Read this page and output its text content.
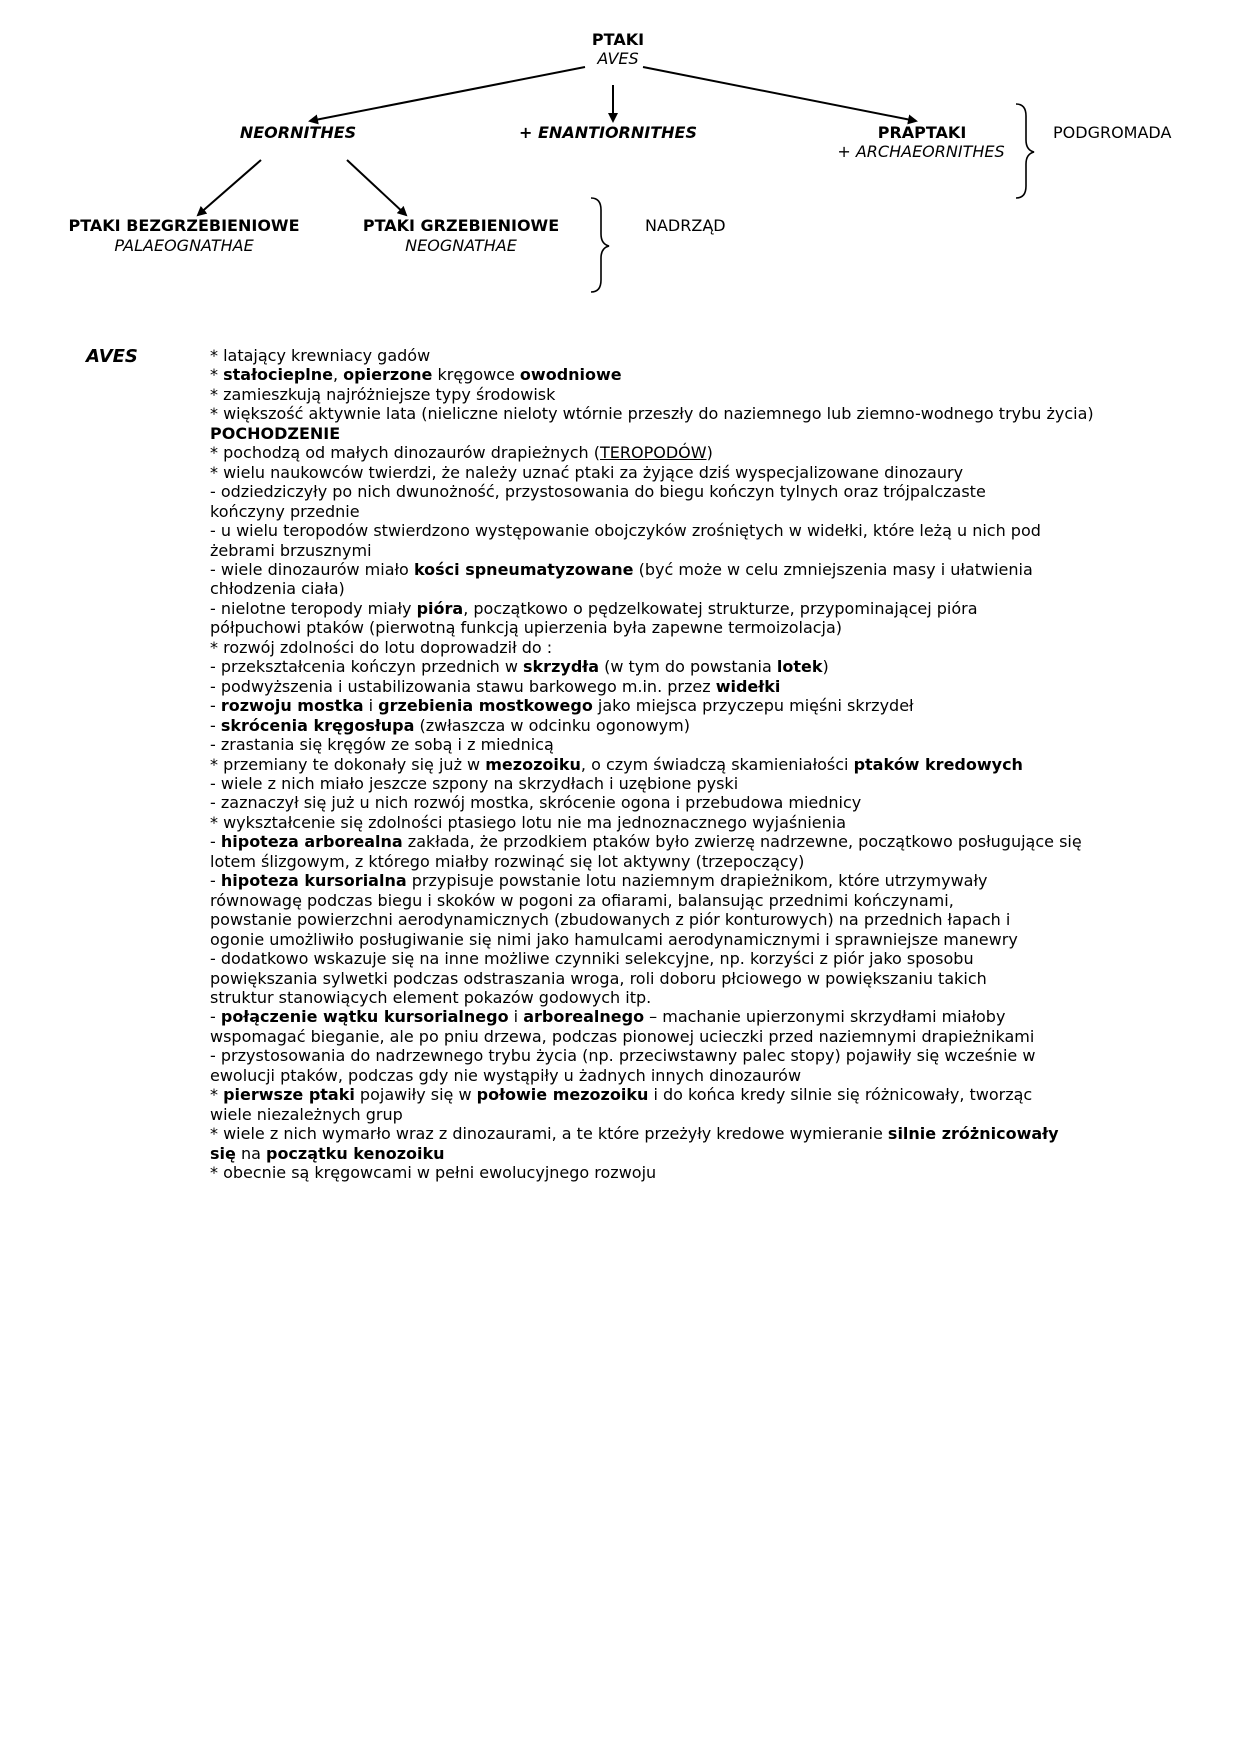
PTAKI
AVES
NEORNITHES	+ ENANTIORNITHES	PRAPTAKI
+ ARCHAEORNITHES
PODGROMADA
PTAKI BEZGRZEBIENIOWE
PALAEOGNATHAE
PTAKI GRZEBIENIOWE
NEOGNATHAE
NADRZĄD
AVES	* latający krewniacy gadów
* stałocieplne, opierzone kręgowce owodniowe
* zamieszkują najróżniejsze typy środowisk
* większość aktywnie lata (nieliczne nieloty wtórnie przeszły do naziemnego lub ziemno-wodnego trybu życia)
POCHODZENIE
* pochodzą od małych dinozaurów drapieżnych (TEROPODÓW)
* wielu naukowców twierdzi, że należy uznać ptaki za żyjące dziś wyspecjalizowane dinozaury
- odziedziczyły po nich dwunożność, przystosowania do biegu kończyn tylnych oraz trójpalczaste
kończyny przednie
- u wielu teropodów stwierdzono występowanie obojczyków zrośniętych w widełki, które leżą u nich pod
żebrami brzusznymi
- wiele dinozaurów miało kości spneumatyzowane (być może w celu zmniejszenia masy i ułatwienia
chłodzenia ciała)
- nielotne teropody miały pióra, początkowo o pędzelkowatej strukturze, przypominającej pióra
półpuchowi ptaków (pierwotną funkcją upierzenia była zapewne termoizolacja)
* rozwój zdolności do lotu doprowadził do :
- przekształcenia kończyn przednich w skrzydła (w tym do powstania lotek)
- podwyższenia i ustabilizowania stawu barkowego m.in. przez widełki
- rozwoju mostka i grzebienia mostkowego jako miejsca przyczepu mięśni skrzydeł
- skrócenia kręgosłupa (zwłaszcza w odcinku ogonowym)
- zrastania się kręgów ze sobą i z miednicą
* przemiany te dokonały się już w mezozoiku, o czym świadczą skamieniałości ptaków kredowych
- wiele z nich miało jeszcze szpony na skrzydłach i uzębione pyski
- zaznaczył się już u nich rozwój mostka, skrócenie ogona i przebudowa miednicy
* wykształcenie się zdolności ptasiego lotu nie ma jednoznacznego wyjaśnienia
- hipoteza arborealna zakłada, że przodkiem ptaków było zwierzę nadrzewne, początkowo posługujące się
lotem ślizgowym, z którego miałby rozwinąć się lot aktywny (trzepoczący)
- hipoteza kursorialna przypisuje powstanie lotu naziemnym drapieżnikom, które utrzymywały
równowagę podczas biegu i skoków w pogoni za ofiarami, balansując przednimi kończynami,
powstanie powierzchni aerodynamicznych (zbudowanych z piór konturowych) na przednich łapach i
ogonie umożliwiło posługiwanie się nimi jako hamulcami aerodynamicznymi i sprawniejsze manewry
- dodatkowo wskazuje się na inne możliwe czynniki selekcyjne, np. korzyści z piór jako sposobu
powiększania sylwetki podczas odstraszania wroga, roli doboru płciowego w powiększaniu takich
struktur stanowiących element pokazów godowych itp.
- połączenie wątku kursorialnego i arborealnego – machanie upierzonymi skrzydłami miałoby
wspomagać bieganie, ale po pniu drzewa, podczas pionowej ucieczki przed naziemnymi drapieżnikami
- przystosowania do nadrzewnego trybu życia (np. przeciwstawny palec stopy) pojawiły się wcześnie w
ewolucji ptaków, podczas gdy nie wystąpiły u żadnych innych dinozaurów
* pierwsze ptaki pojawiły się w połowie mezozoiku i do końca kredy silnie się różnicowały, tworząc
wiele niezależnych grup
* wiele z nich wymarło wraz z dinozaurami, a te które przeżyły kredowe wymieranie silnie zróżnicowały
się na początku kenozoiku
* obecnie są kręgowcami w pełni ewolucyjnego rozwoju
